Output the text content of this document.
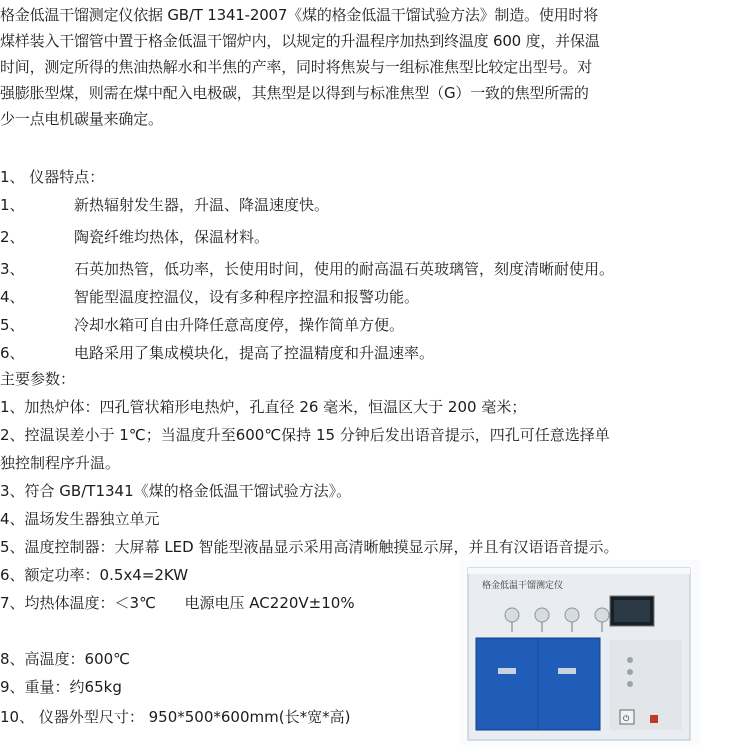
格金低温干馏测定仪依据 GB/T 1341-2007《煤的格金低温干馏试验方法》制造。使用时将
煤样装入干馏管中置于格金低温干馏炉内，以规定的升温程序加热到终温度 600 度，并保温
时间，测定所得的焦油热解水和半焦的产率，同时将焦炭与一组标准焦型比较定出型号。对
强膨胀型煤，则需在煤中配入电极碳，其焦型是以得到与标准焦型（G）一致的焦型所需的
少一点电机碳量来确定。
1、 仪器特点：
1、	新热辐射发生器，升温、降温速度快。
2、	陶瓷纤维均热体，保温材料。
3、	石英加热管，低功率，长使用时间，使用的耐高温石英玻璃管，刻度清晰耐使用。
4、	智能型温度控温仪，设有多种程序控温和报警功能。
5、	冷却水箱可自由升降任意高度停，操作简单方便。
6、	电路采用了集成模块化，提高了控温精度和升温速率。
主要参数：
1、加热炉体：四孔管状箱形电热炉，孔直径 26 毫米，恒温区大于 200 毫米；
2、控温误差小于 1℃；当温度升至600℃保持 15 分钟后发出语音提示，四孔可任意选择单
独控制程序升温。
3、符合 GB/T1341《煤的格金低温干馏试验方法》。
4、温场发生器独立单元
5、温度控制器：大屏幕 LED 智能型液晶显示采用高清晰触摸显示屏，并且有汉语语音提示。
6、额定功率：0.5x4=2KW
7、均热体温度：＜3℃      电源电压 AC220V±10%
8、高温度：600℃
9、重量：约65kg
10、 仪器外型尺寸： 950*500*600mm(长*宽*高)
格金低温干馏测定仪
⏻
